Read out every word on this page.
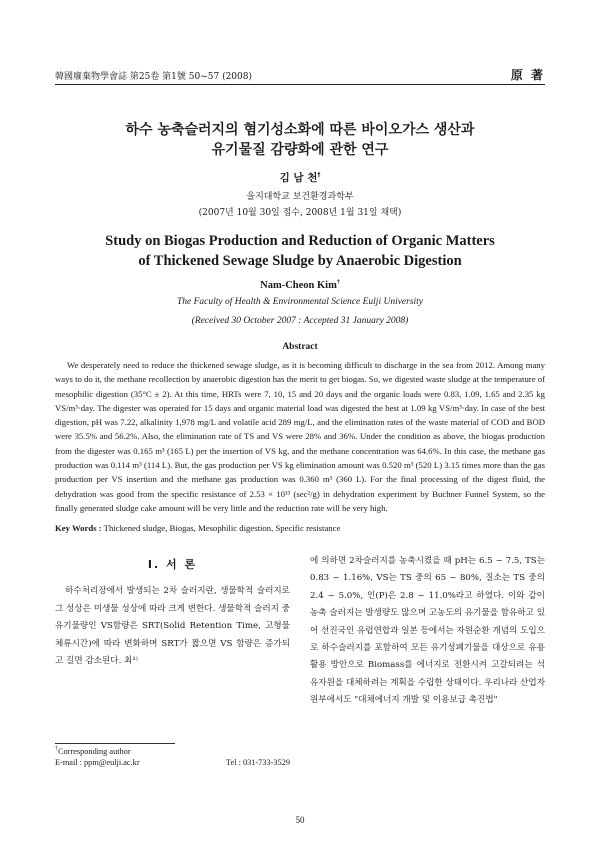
韓國廢棄物學會誌 第25卷 第1號 50~57 (2008)	原 著
하수 농축슬러지의 혐기성소화에 따른 바이오가스 생산과
유기물질 감량화에 관한 연구
김 남 천†
을지대학교 보건환경과학부
(2007년 10월 30일 접수, 2008년 1월 31일 채택)
Study on Biogas Production and Reduction of Organic Matters
of Thickened Sewage Sludge by Anaerobic Digestion
Nam-Cheon Kim†
The Faculty of Health & Environmental Science Eulji University
(Received 30 October 2007 : Accepted 31 January 2008)
Abstract
We desperately need to reduce the thickened sewage sludge, as it is becoming difficult to discharge in the sea from 2012. Among many ways to do it, the methane recollection by anaerobic digestion has the merit to get biogas. So, we digested waste sludge at the temperature of mesophilic digestion (35°C ± 2). At this time, HRTs were 7, 10, 15 and 20 days and the organic loads were 0.83, 1.09, 1.65 and 2.35 kg VS/m³·day. The digester was operated for 15 days and organic material load was digested the best at 1.09 kg VS/m³·day. In case of the best digestion, pH was 7.22, alkalinity 1,978 mg/L and volatile acid 289 mg/L, and the elimination rates of the waste material of COD and BOD were 35.5% and 56.2%. Also, the elimination rate of TS and VS were 28% and 36%. Under the condition as above, the biogas production from the digester was 0.165 m³ (165 L) per the insertion of VS kg, and the methane concentration was 64.6%. In this case, the methane gas production was 0.114 m³ (114 L). But, the gas production per VS kg elimination amount was 0.520 m³ (520 L) 3.15 times more than the gas production per VS insertion and the methane gas production was 0.360 m³ (360 L). For the final processing of the digest fluid, the dehydration was good from the specific resistance of 2.53 × 10¹³ (sec²/g) in dehydration experiment by Buchner Funnel System, so the finally generated sludge cake amount will be very little and the reduction rate will be very high.
Key Words : Thickened sludge, Biogas, Mesophilic digestion, Specific resistance
I. 서 론

하수처리장에서 발생되는 2차 슬러지란, 생물학적 슬러지로 그 성상은 미생물 성상에 따라 크게 변한다. 생물학적 슬러지 중 유기물량인 VS함량은 SRT(Solid Retention Time, 고형물 체류시간)에 따라 변화하며 SRT가 짧으면 VS 함량은 증가되고 길면 감소된다. 최¹⁾

에 의하면 2차슬러지를 농축시켰을 때 pH는 6.5 ~ 7.5, TS는 0.83 ~ 1.16%, VS는 TS 중의 65 ~ 80%, 질소는 TS 중의 2.4 ~ 5.0%, 인(P)은 2.8 ~ 11.0%라고 하였다. 이와 같이 농축 슬러지는 발생량도 많으며 고농도의 유기물을 함유하고 있어 선진국인 유럽연합과 일본 등에서는 자원순환 개념의 도입으로 하수슬러지를 포함하여 모든 유기성폐기물을 대상으로 유용활용 방안으로 Biomass를 에너지로 전환시켜 고갈되려는 석유자원을 대체하려는 계획을 수립한 상태이다. 우리나라 산업자원부에서도 "대체에너지 개발 및 이용보급 촉진법"

†Corresponding author
E-mail : ppm@eulji.ac.kr	Tel : 031-733-3529
50
